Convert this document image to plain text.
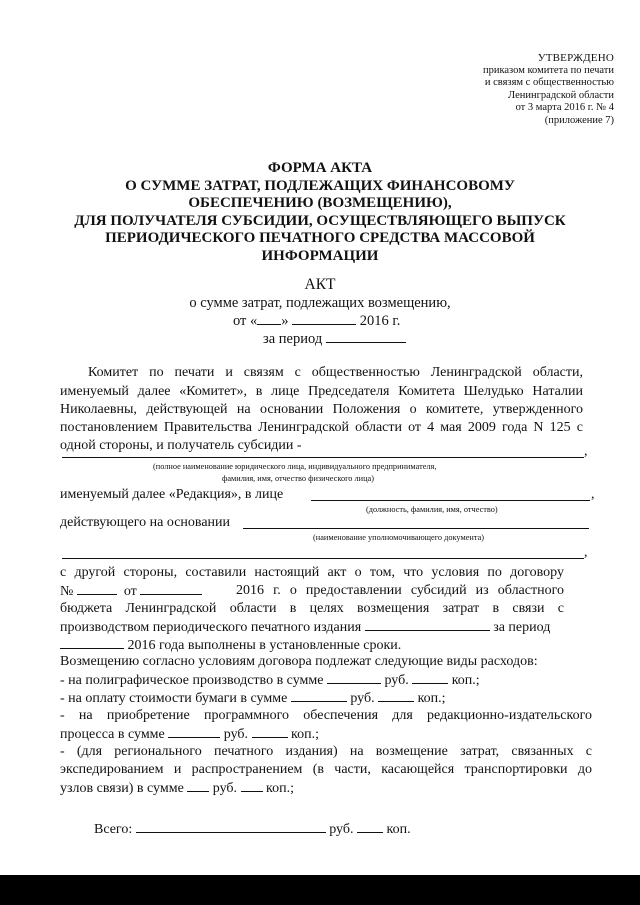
УТВЕРЖДЕНО
приказом комитета по печати
и связям с общественностью
Ленинградской области
от 3 марта 2016 г. № 4
(приложение 7)
ФОРМА АКТА
О СУММЕ ЗАТРАТ, ПОДЛЕЖАЩИХ ФИНАНСОВОМУ
ОБЕСПЕЧЕНИЮ (ВОЗМЕЩЕНИЮ),
ДЛЯ ПОЛУЧАТЕЛЯ СУБСИДИИ, ОСУЩЕСТВЛЯЮЩЕГО ВЫПУСК
ПЕРИОДИЧЕСКОГО ПЕЧАТНОГО СРЕДСТВА МАССОВОЙ
ИНФОРМАЦИИ
АКТ
о сумме затрат, подлежащих возмещению,
от « »	2016 г.
за период
Комитет по печати и связям с общественностью Ленинградской области,
именуемый далее «Комитет», в лице Председателя Комитета Шелудько Наталии
Николаевны, действующей на основании Положения о комитете, утвержденного
постановлением Правительства Ленинградской области от 4 мая 2009 года N 125 с
одной стороны, и получатель субсидии -	,
(полное наименование юридического лица, индивидуального предпринимателя,
фамилия, имя, отчество физического лица)
именуемый далее «Редакция», в лице	,
(должность, фамилия, имя, отчество)
действующего на основании
(наименование уполномочивающего документа)
,
с другой стороны, составили настоящий акт о том, что условия по договору
№	от	2016 г. о предоставлении субсидий из областного
бюджета Ленинградской области в целях возмещения затрат в связи с
производством периодического печатного издания	за период
2016 года выполнены в установленные сроки.
Возмещению согласно условиям договора подлежат следующие виды расходов:
- на полиграфическое производство в сумме	руб.	коп.;
- на оплату стоимости бумаги в сумме	руб.	коп.;
- на приобретение программного обеспечения для редакционно-издательского
процесса в сумме	руб.	коп.;
- (для регионального печатного издания) на возмещение затрат, связанных с
экспедированием и распространением (в части, касающейся транспортировки до
узлов связи) в сумме руб. коп.;
Всего:	руб. коп.
